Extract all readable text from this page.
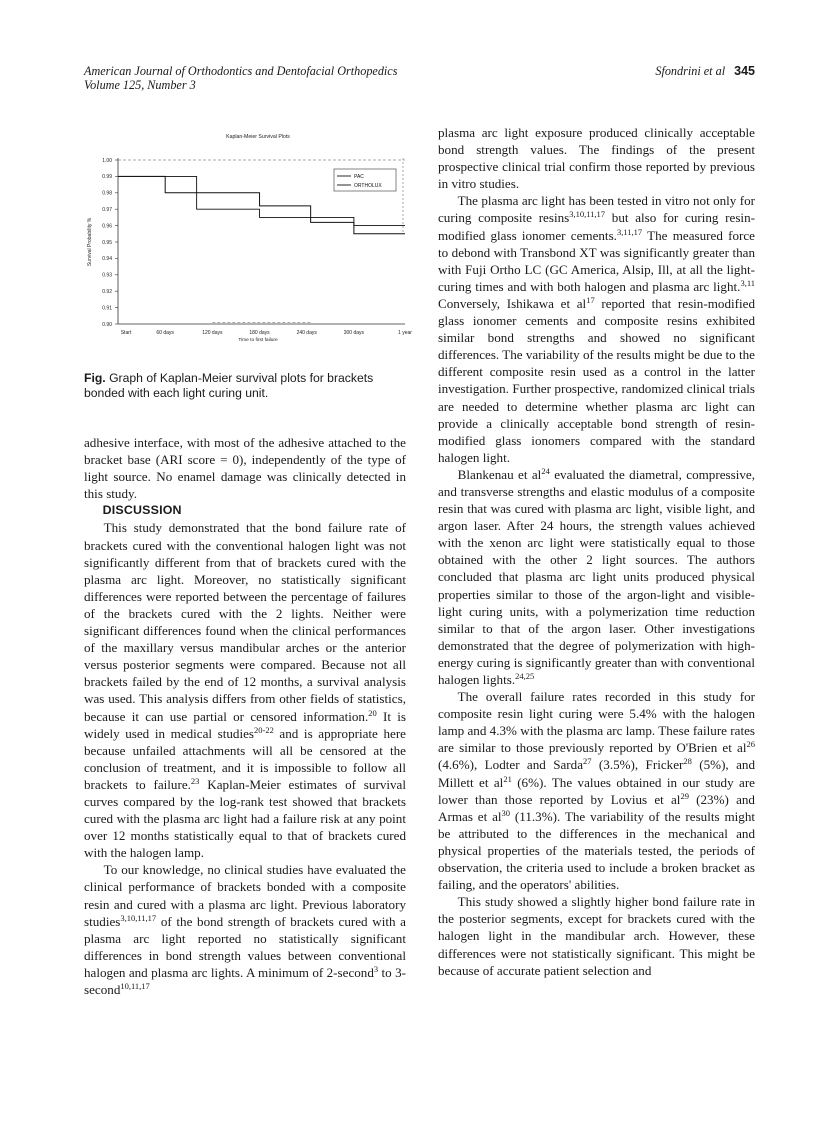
American Journal of Orthodontics and Dentofacial Orthopedics
Volume 125, Number 3
Sfondrini et al 345
Kaplan-Meier Survival Plots
1.00
0.99
0.98
0.97
0.96
0.95
0.94
0.93
0.92
0.91
0.90
Start	60 days	120 days	180 days	240 days	300 days	1 year
Time to first failure
Survival Probability %
PAC
ORTHOLUX
Fig. Graph of Kaplan-Meier survival plots for brackets bonded with each light curing unit.

adhesive interface, with most of the adhesive attached to the bracket base (ARI score = 0), independently of the type of light source. No enamel damage was clinically detected in this study.

DISCUSSION

This study demonstrated that the bond failure rate of brackets cured with the conventional halogen light was not significantly different from that of brackets cured with the plasma arc light. Moreover, no statistically significant differences were reported between the percentage of failures of the brackets cured with the 2 lights. Neither were significant differences found when the clinical performances of the maxillary versus mandibular arches or the anterior versus posterior segments were compared. Because not all brackets failed by the end of 12 months, a survival analysis was used. This analysis differs from other fields of statistics, because it can use partial or censored information.$^{20}$ It is widely used in medical studies$^{20-22}$ and is appropriate here because unfailed attachments will all be censored at the conclusion of treatment, and it is impossible to follow all brackets to failure.$^{23}$ Kaplan-Meier estimates of survival curves compared by the log-rank test showed that brackets cured with the plasma arc light had a failure risk at any point over 12 months statistically equal to that of brackets cured with the halogen lamp.

To our knowledge, no clinical studies have evaluated the clinical performance of brackets bonded with a composite resin and cured with a plasma arc light. Previous laboratory studies$^{3,10,11,17}$ of the bond strength of brackets cured with a plasma arc light reported no statistically significant differences in bond strength values between conventional halogen and plasma arc lights. A minimum of 2-second$^3$ to 3-second$^{10,11,17}$

plasma arc light exposure produced clinically acceptable bond strength values. The findings of the present prospective clinical trial confirm those reported by previous in vitro studies.

The plasma arc light has been tested in vitro not only for curing composite resins$^{3,10,11,17}$ but also for curing resin-modified glass ionomer cements.$^{3,11,17}$ The measured force to debond with Transbond XT was significantly greater than with Fuji Ortho LC (GC America, Alsip, Ill, at all the light-curing times and with both halogen and plasma arc light.$^{3,11}$ Conversely, Ishikawa et $al^{17}$ reported that resin-modified glass ionomer cements and composite resins exhibited similar bond strengths and showed no significant differences. The variability of the results might be due to the different composite resin used as a control in the latter investigation. Further prospective, randomized clinical trials are needed to determine whether plasma arc light can provide a clinically acceptable bond strength of resin-modified glass ionomers compared with the standard halogen light.

Blankenau et $al^{24}$ evaluated the diametral, compressive, and transverse strengths and elastic modulus of a composite resin that was cured with plasma arc light, visible light, and argon laser. After 24 hours, the strength values achieved with the xenon arc light were statistically equal to those obtained with the other 2 light sources. The authors concluded that plasma arc light units produced physical properties similar to those of the argon-light and visible-light curing units, with a polymerization time reduction similar to that of the argon laser. Other investigations demonstrated that the degree of polymerization with high-energy curing is significantly greater than with conventional halogen lights.$^{24,25}$

The overall failure rates recorded in this study for composite resin light curing were 5.4% with the halogen lamp and 4.3% with the plasma arc lamp. These failure rates are similar to those previously reported by O'Brien et $al^{26}$ (4.6%), Lodter and Sarda$^{27}$ (3.5%), Fricker$^{28}$ (5%), and Millett et $al^{21}$ (6%). The values obtained in our study are lower than those reported by Lovius et $al^{29}$ (23%) and Armas et $al^{30}$ (11.3%). The variability of the results might be attributed to the differences in the mechanical and physical properties of the materials tested, the periods of observation, the criteria used to include a broken bracket as failing, and the operators' abilities.

This study showed a slightly higher bond failure rate in the posterior segments, except for brackets cured with the halogen light in the mandibular arch. However, these differences were not statistically significant. This might be because of accurate patient selection and
